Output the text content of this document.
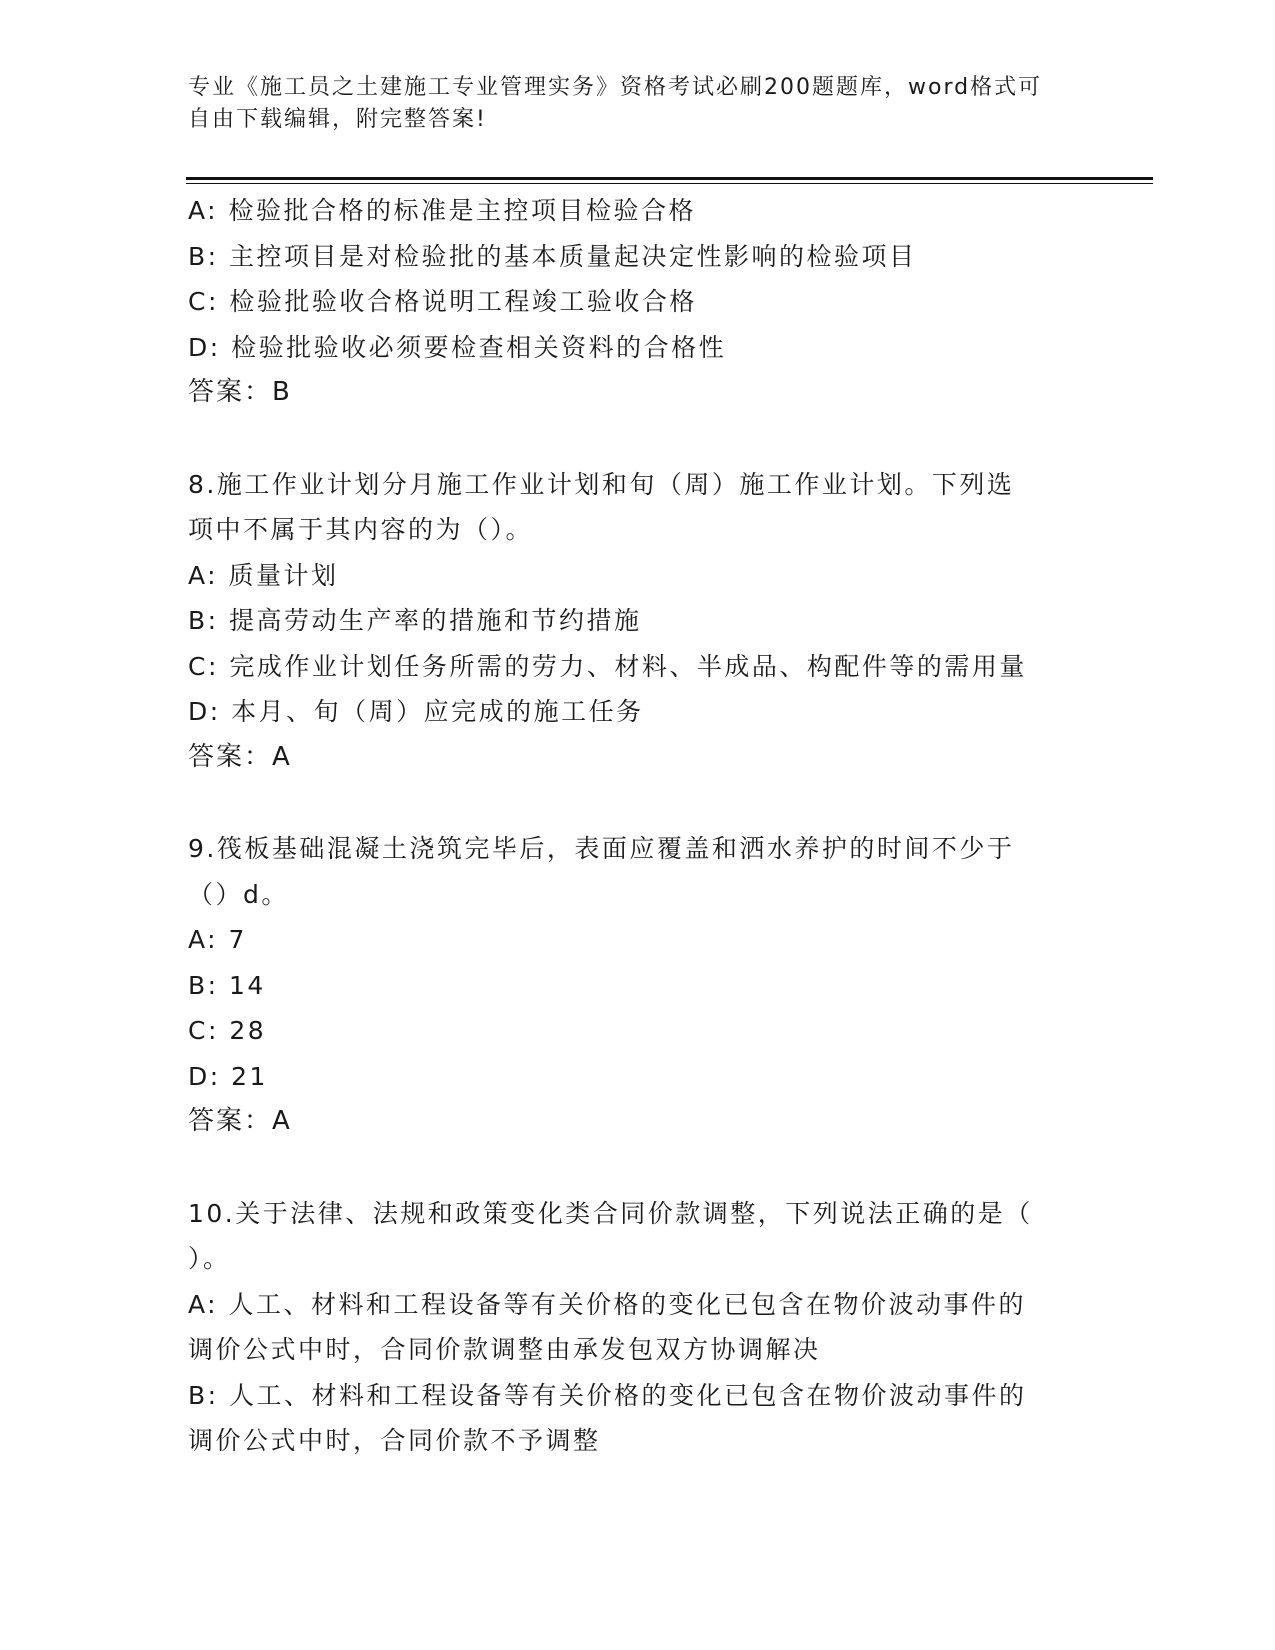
专业《施工员之土建施工专业管理实务》资格考试必刷200题题库，word格式可
自由下载编辑，附完整答案!
A: 检验批合格的标准是主控项目检验合格
B: 主控项目是对检验批的基本质量起决定性影响的检验项目
C: 检验批验收合格说明工程竣工验收合格
D: 检验批验收必须要检查相关资料的合格性
答案：B
8.施工作业计划分月施工作业计划和旬（周）施工作业计划。下列选
项中不属于其内容的为（）。
A: 质量计划
B: 提高劳动生产率的措施和节约措施
C: 完成作业计划任务所需的劳力、材料、半成品、构配件等的需用量
D: 本月、旬（周）应完成的施工任务
答案：A
9.筏板基础混凝土浇筑完毕后，表面应覆盖和洒水养护的时间不少于
（）d。
A: 7
B: 14
C: 28
D: 21
答案：A
10.关于法律、法规和政策变化类合同价款调整，下列说法正确的是（
）。
A: 人工、材料和工程设备等有关价格的变化已包含在物价波动事件的
调价公式中时，合同价款调整由承发包双方协调解决
B: 人工、材料和工程设备等有关价格的变化已包含在物价波动事件的
调价公式中时，合同价款不予调整
